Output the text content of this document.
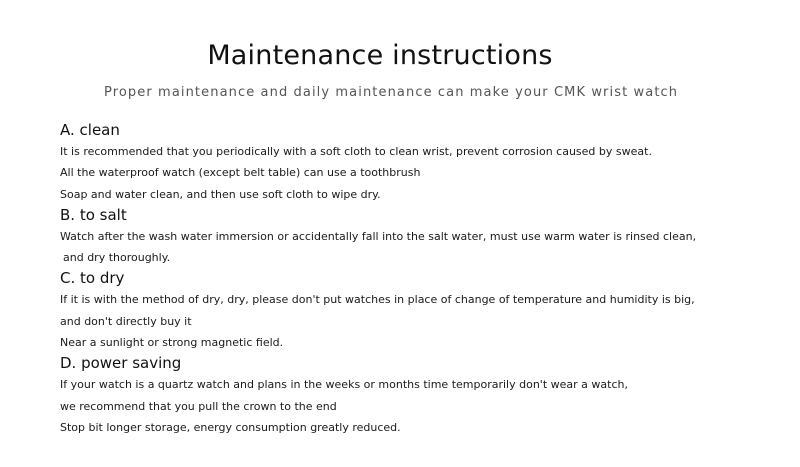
Maintenance instructions
Proper maintenance and daily maintenance can make your CMK wrist watch
A. clean
It is recommended that you periodically with a soft cloth to clean wrist, prevent corrosion caused by sweat.
All the waterproof watch (except belt table) can use a toothbrush
Soap and water clean, and then use soft cloth to wipe dry.
B. to salt
Watch after the wash water immersion or accidentally fall into the salt water, must use warm water is rinsed clean,
and dry thoroughly.
C. to dry
If it is with the method of dry, dry, please don't put watches in place of change of temperature and humidity is big,
and don't directly buy it
Near a sunlight or strong magnetic field.
D. power saving
If your watch is a quartz watch and plans in the weeks or months time temporarily don't wear a watch,
we recommend that you pull the crown to the end
Stop bit longer storage, energy consumption greatly reduced.
